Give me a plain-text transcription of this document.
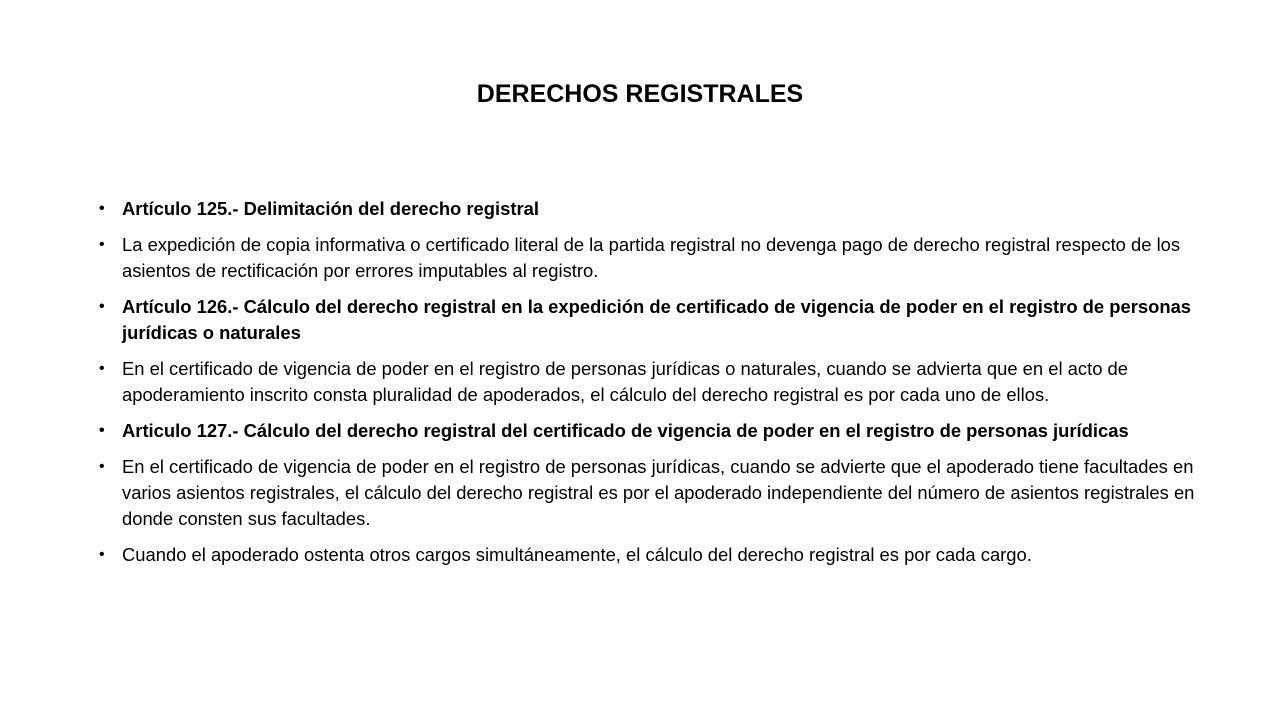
DERECHOS REGISTRALES
• Artículo 125.- Delimitación del derecho registral
• La expedición de copia informativa o certificado literal de la partida registral no devenga pago de derecho registral respecto de los asientos de rectificación por errores imputables al registro.
• Artículo 126.- Cálculo del derecho registral en la expedición de certificado de vigencia de poder en el registro de personas jurídicas o naturales
• En el certificado de vigencia de poder en el registro de personas jurídicas o naturales, cuando se advierta que en el acto de apoderamiento inscrito consta pluralidad de apoderados, el cálculo del derecho registral es por cada uno de ellos.
• Articulo 127.- Cálculo del derecho registral del certificado de vigencia de poder en el registro de personas jurídicas
• En el certificado de vigencia de poder en el registro de personas jurídicas, cuando se advierte que el apoderado tiene facultades en varios asientos registrales, el cálculo del derecho registral es por el apoderado independiente del número de asientos registrales en donde consten sus facultades.
• Cuando el apoderado ostenta otros cargos simultáneamente, el cálculo del derecho registral es por cada cargo.
